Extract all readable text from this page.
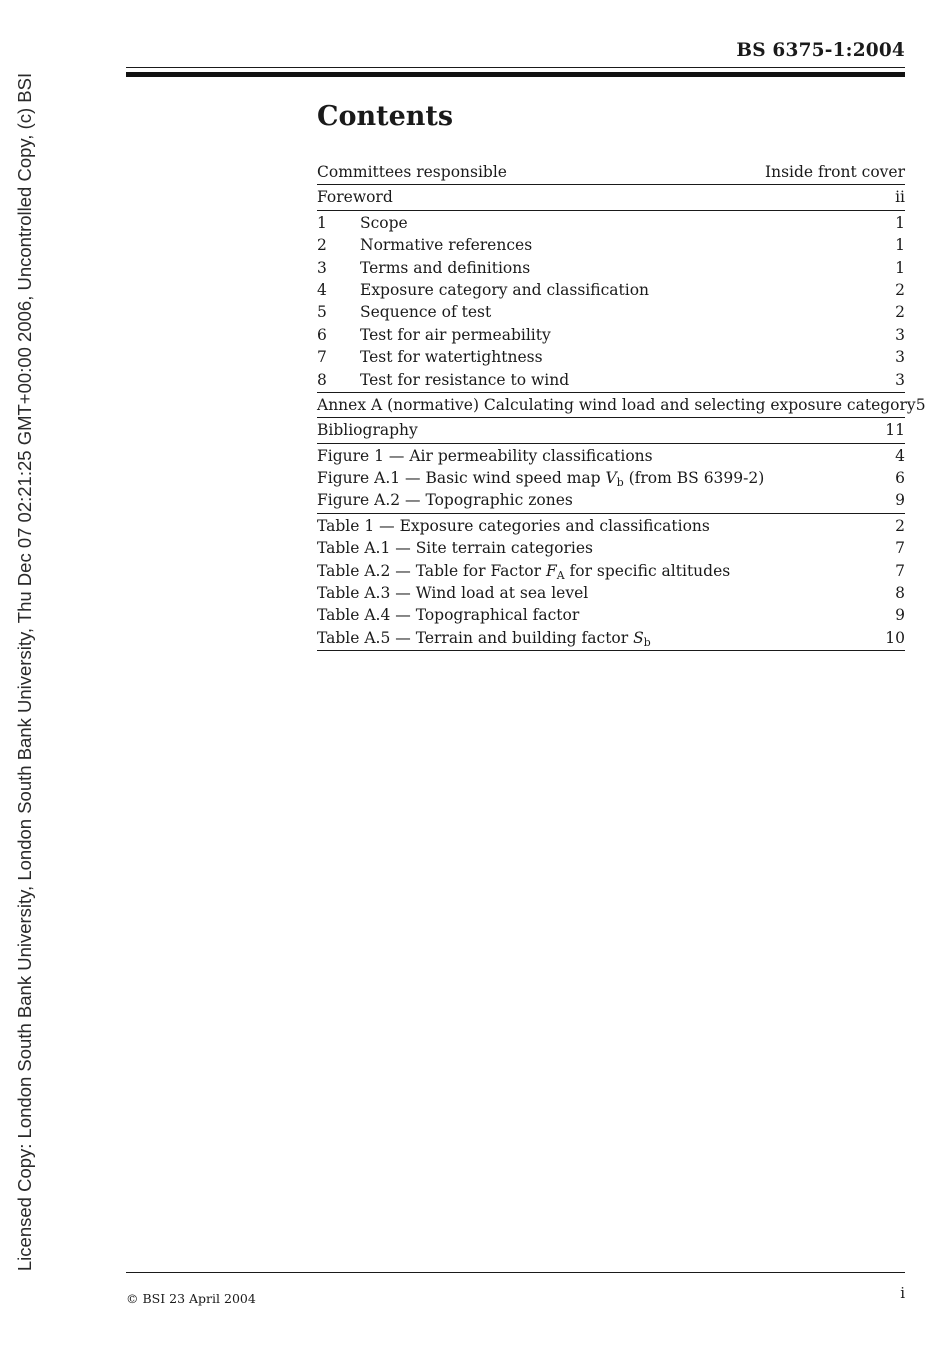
Licensed Copy: London South Bank University, London South Bank University, Thu Dec 07 02:21:25 GMT+00:00 2006, Uncontrolled Copy, (c) BSI
BS 6375-1:2004
Contents
Committees responsible	Inside front cover
Foreword	ii
1	Scope	1
2	Normative references	1
3	Terms and definitions	1
4	Exposure category and classification	2
5	Sequence of test	2
6	Test for air permeability	3
7	Test for watertightness	3
8	Test for resistance to wind	3
Annex A (normative) Calculating wind load and selecting exposure category 5
Bibliography	11
Figure 1 — Air permeability classifications	4
Figure A.1 — Basic wind speed map $V_b$ (from BS 6399-2)	6
Figure A.2 — Topographic zones	9
Table 1 — Exposure categories and classifications	2
Table A.1 — Site terrain categories	7
Table A.2 — Table for Factor $F_A$ for specific altitudes	7
Table A.3 — Wind load at sea level	8
Table A.4 — Topographical factor	9
Table A.5 — Terrain and building factor $S_b$	10
© BSI 23 April 2004	i
